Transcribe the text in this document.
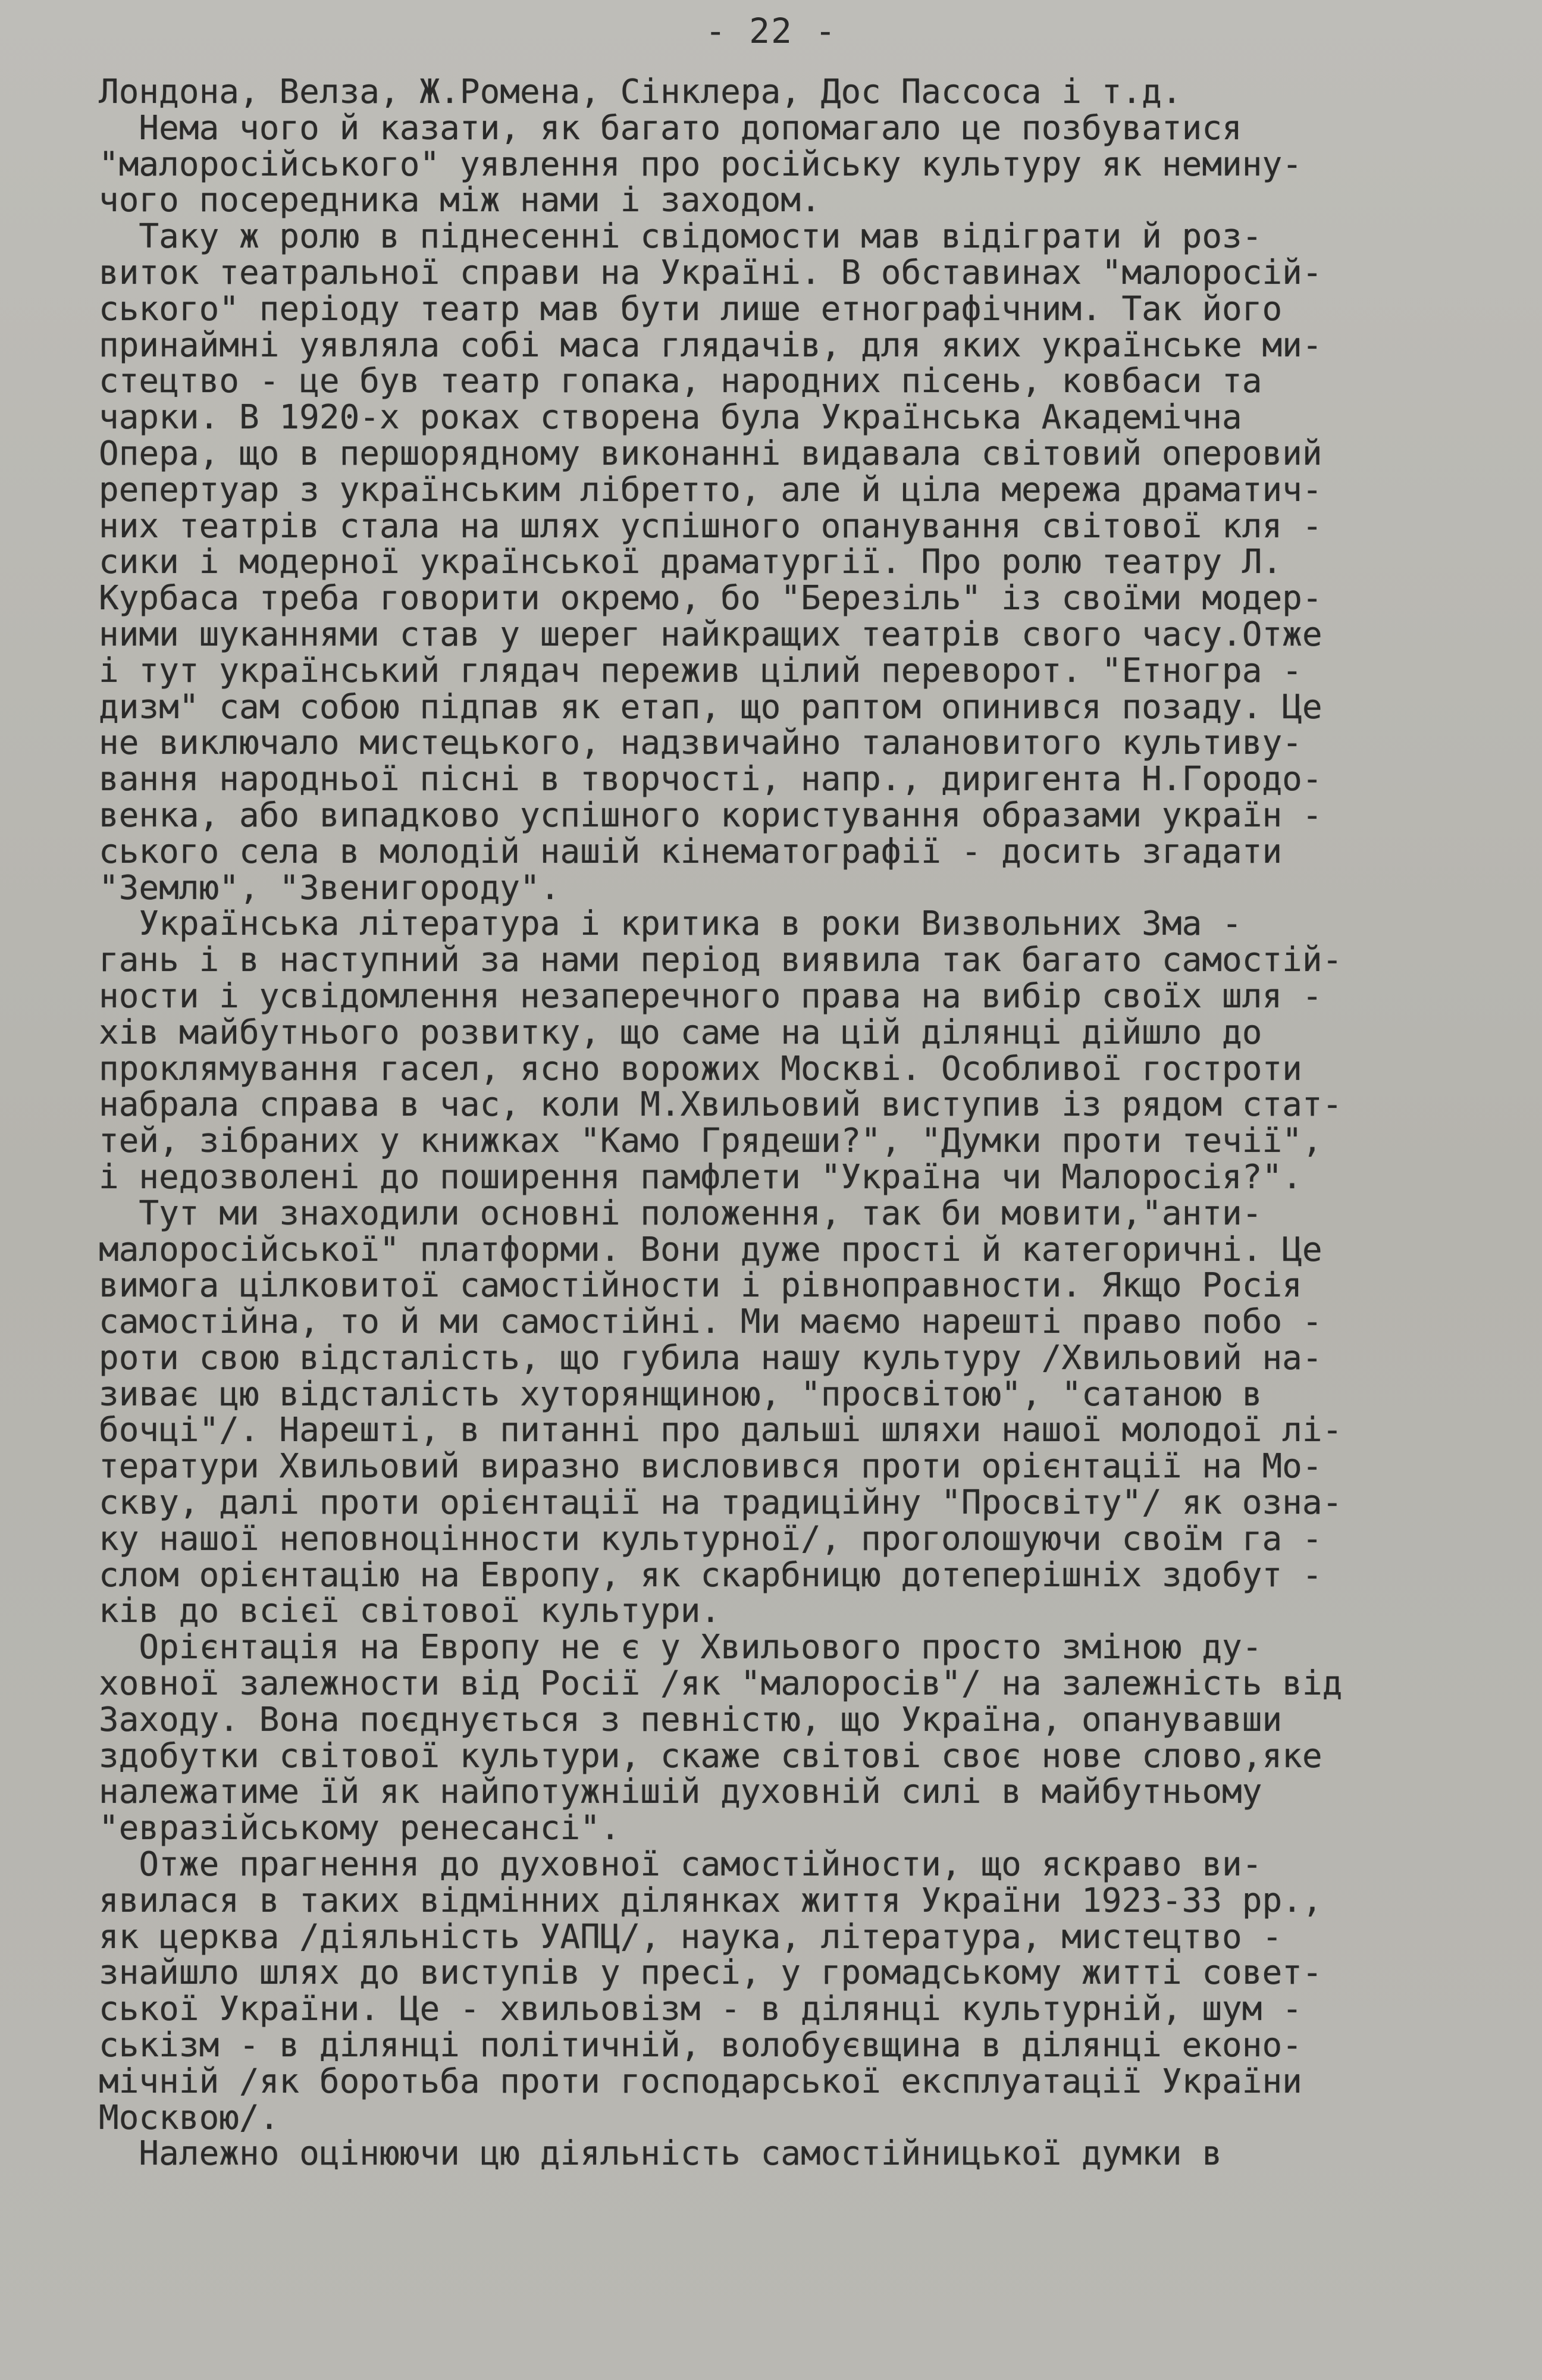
- 22 -
Лондона, Велза, Ж.Ромена, Сінклера, Дос Пассоса і т.д.
Нема чого й казати, як багато допомагало це позбуватися
"малоросійського" уявлення про російську культуру як немину-
чого посередника між нами і заходом.
Таку ж ролю в піднесенні свідомости мав відіграти й роз-
виток театральної справи на Україні. В обставинах "малоросій-
ського" періоду театр мав бути лише етнографічним. Так його
принаймні уявляла собі маса глядачів, для яких українське ми-
стецтво - це був театр гопака, народних пісень, ковбаси та
чарки. В 1920-х роках створена була Українська Академічна
Опера, що в першорядному виконанні видавала світовий оперовий
репертуар з українським лібретто, але й ціла мережа драматич-
них театрів стала на шлях успішного опанування світової кля -
сики і модерної української драматургії. Про ролю театру Л.
Курбаса треба говорити окремо, бо "Березіль" із своїми модер-
ними шуканнями став у шерег найкращих театрів свого часу.Отже
і тут український глядач пережив цілий переворот. "Етногра -
дизм" сам собою підпав як етап, що раптом опинився позаду. Це
не виключало мистецького, надзвичайно талановитого культиву-
вання народньої пісні в творчості, напр., диригента Н.Городо-
венка, або випадково успішного користування образами україн -
ського села в молодій нашій кінематографії - досить згадати
"Землю", "Звенигороду".
Українська література і критика в роки Визвольних Зма -
гань і в наступний за нами період виявила так багато самостій-
ности і усвідомлення незаперечного права на вибір своїх шля -
хів майбутнього розвитку, що саме на цій ділянці дійшло до
проклямування гасел, ясно ворожих Москві. Особливої гостроти
набрала справа в час, коли М.Хвильовий виступив із рядом стат-
тей, зібраних у книжках "Камо Грядеши?", "Думки проти течії",
і недозволені до поширення памфлети "Україна чи Малоросія?".
Тут ми знаходили основні положення, так би мовити,"анти-
малоросійської" платформи. Вони дуже прості й категоричні. Це
вимога цілковитої самостійности і рівноправности. Якщо Росія
самостійна, то й ми самостійні. Ми маємо нарешті право побо -
роти свою відсталість, що губила нашу культуру /Хвильовий на-
зиває цю відсталість хуторянщиною, "просвітою", "сатаною в
бочці"/. Нарешті, в питанні про дальші шляхи нашої молодої лі-
тератури Хвильовий виразно висловився проти орієнтації на Мо-
скву, далі проти орієнтації на традиційну "Просвіту"/ як озна-
ку нашої неповноцінности культурної/, проголошуючи своїм га -
слом орієнтацію на Европу, як скарбницю дотеперішніх здобут -
ків до всієї світової культури.
Орієнтація на Европу не є у Хвильового просто зміною ду-
ховної залежности від Росії /як "малоросів"/ на залежність від
Заходу. Вона поєднується з певністю, що Україна, опанувавши
здобутки світової культури, скаже світові своє нове слово,яке
належатиме їй як найпотужнішій духовній силі в майбутньому
"евразійському ренесансі".
Отже прагнення до духовної самостійности, що яскраво ви-
явилася в таких відмінних ділянках життя України 1923-33 рр.,
як церква /діяльність УАПЦ/, наука, література, мистецтво -
знайшло шлях до виступів у пресі, у громадському житті совет-
ської України. Це - хвильовізм - в ділянці культурній, шум -
ськізм - в ділянці політичній, волобуєвщина в ділянці еконо-
мічній /як боротьба проти господарської експлуатації України
Москвою/.
Належно оцінюючи цю діяльність самостійницької думки в
